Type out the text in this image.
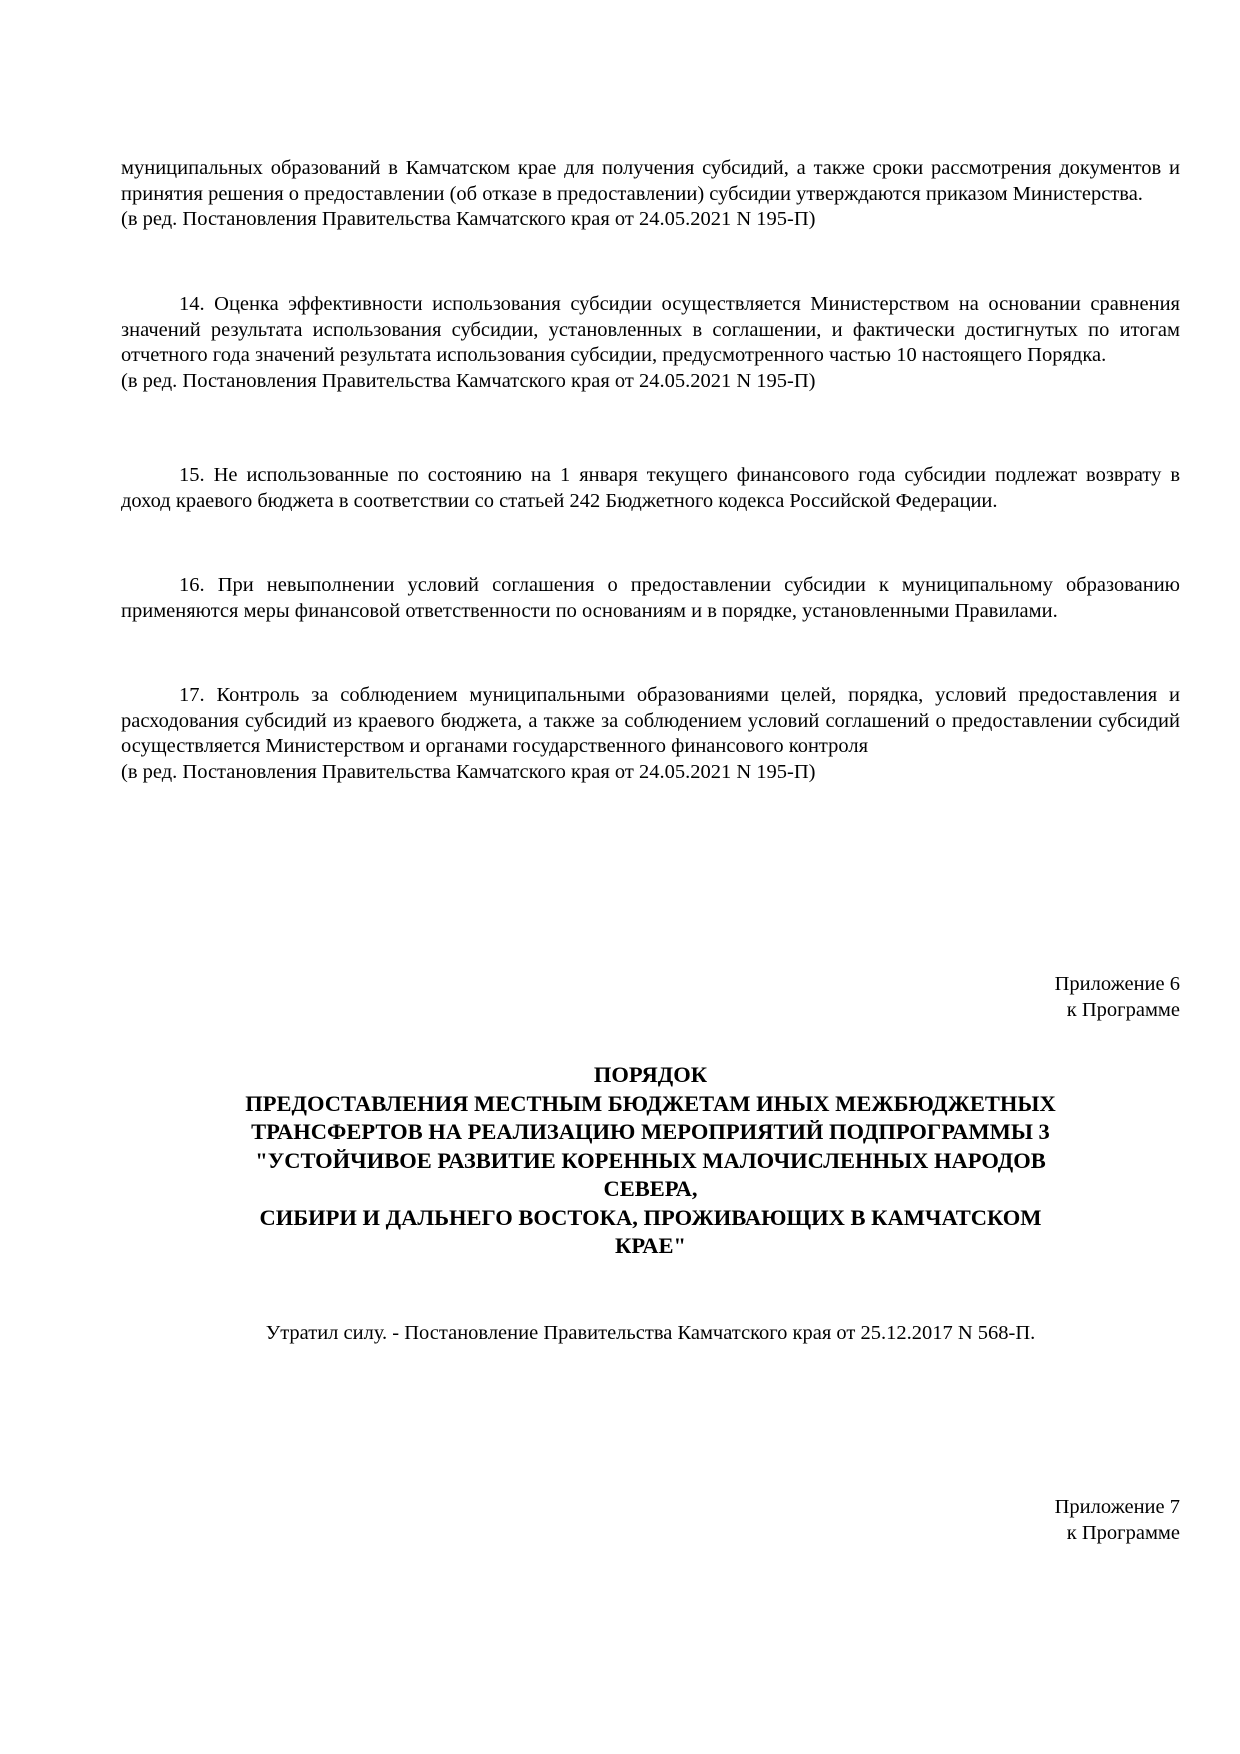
муниципальных образований в Камчатском крае для получения субсидий, а также сроки рассмотрения документов и принятия решения о предоставлении (об отказе в предоставлении) субсидии утверждаются приказом Министерства.

(в ред. Постановления Правительства Камчатского края от 24.05.2021 N 195-П)

14. Оценка эффективности использования субсидии осуществляется Министерством на основании сравнения значений результата использования субсидии, установленных в соглашении, и фактически достигнутых по итогам отчетного года значений результата использования субсидии, предусмотренного частью 10 настоящего Порядка.

(в ред. Постановления Правительства Камчатского края от 24.05.2021 N 195-П)

15. Не использованные по состоянию на 1 января текущего финансового года субсидии подлежат возврату в доход краевого бюджета в соответствии со статьей 242 Бюджетного кодекса Российской Федерации.

16. При невыполнении условий соглашения о предоставлении субсидии к муниципальному образованию применяются меры финансовой ответственности по основаниям и в порядке, установленными Правилами.

17. Контроль за соблюдением муниципальными образованиями целей, порядка, условий предоставления и расходования субсидий из краевого бюджета, а также за соблюдением условий соглашений о предоставлении субсидий осуществляется Министерством и органами государственного финансового контроля

(в ред. Постановления Правительства Камчатского края от 24.05.2021 N 195-П)

Приложение 6
к Программе
ПОРЯДОК
ПРЕДОСТАВЛЕНИЯ МЕСТНЫМ БЮДЖЕТАМ ИНЫХ МЕЖБЮДЖЕТНЫХ
ТРАНСФЕРТОВ НА РЕАЛИЗАЦИЮ МЕРОПРИЯТИЙ ПОДПРОГРАММЫ 3
"УСТОЙЧИВОЕ РАЗВИТИЕ КОРЕННЫХ МАЛОЧИСЛЕННЫХ НАРОДОВ
СЕВЕРА,
СИБИРИ И ДАЛЬНЕГО ВОСТОКА, ПРОЖИВАЮЩИХ В КАМЧАТСКОМ
КРАЕ"
Утратил силу. - Постановление Правительства Камчатского края от 25.12.2017 N 568-П.
Приложение 7
к Программе
